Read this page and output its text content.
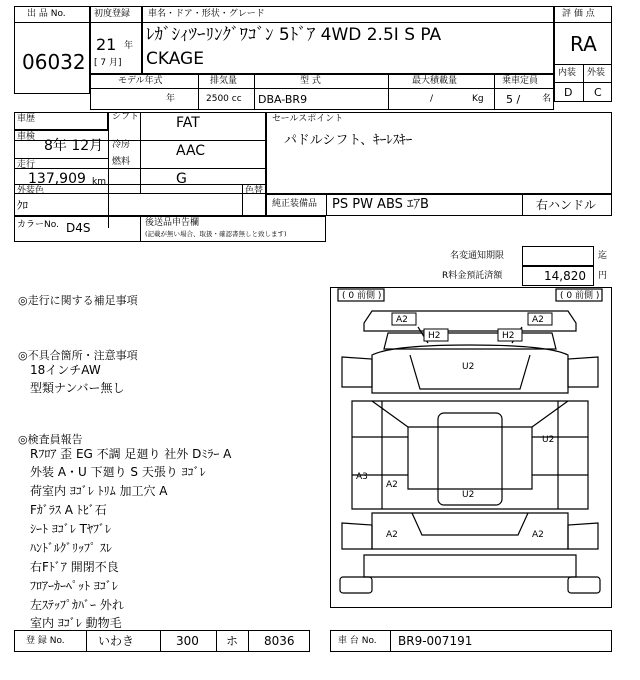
出 品 No.
06032
初度登録
21 年
[ 7 月]
車名・ドア・形状・グレード
ﾚｶﾞｼｨﾂｰﾘﾝｸﾞﾜｺﾞﾝ 5ﾄﾞｱ 4WD 2.5I S PA
CKAGE
評 価 点
RA
内装 外装
D C
モデル年式
年
排気量
2500 cc
型 式
DBA-BR9
最大積載量
/	Kg
乗車定員
5 / 名
車歴	シフト	FAT
車検
8年 12月 冷房	AAC
走行
137,909 km
燃料
G
外装色
ｸﾛ
色替
カラーNo. D4S	後送品申告欄
(記載が無い場合、取扱・確認書無しと致します)
セールスポイント
パドルシフト、ｷｰﾚｽｷｰ
純正装備品 PS PW ABS ｴｱB	右ハンドル
名変通知期限	迄
R料金預託済額	14,820 円
◎走行に関する補足事項
◎不具合箇所・注意事項
18インチAW
型類ナンバー無し
◎検査員報告
Rﾌﾛｱ 歪 EG 不調 足廻り 社外 Dﾐﾗｰ A
外装 A・U 下廻り S 天張り ﾖｺﾞﾚ
荷室内 ﾖｺﾞﾚ ﾄﾘﾑ 加工穴 A
Fｶﾞﾗｽ A ﾄﾋﾞ石
ｼｰﾄ ﾖｺﾞﾚ Tﾔﾌﾞﾚ
ﾊﾝﾄﾞﾙｸﾞﾘｯﾌﾟ ｽﾚ
右Fﾄﾞｱ 開閉不良
ﾌﾛｱｰｶｰﾍﾟｯﾄ ﾖｺﾞﾚ
左ｽﾃｯﾌﾟｶﾊﾞｰ 外れ
室内 ﾖｺﾞﾚ 動物毛
( 0 前側 )	( 0 前側 )
A2	A2
H2	H2
U2
U2
A3
A2
U2
A2	A2
登 録 No.	いわき	300 ホ 8036	車 台 No. BR9-007191
